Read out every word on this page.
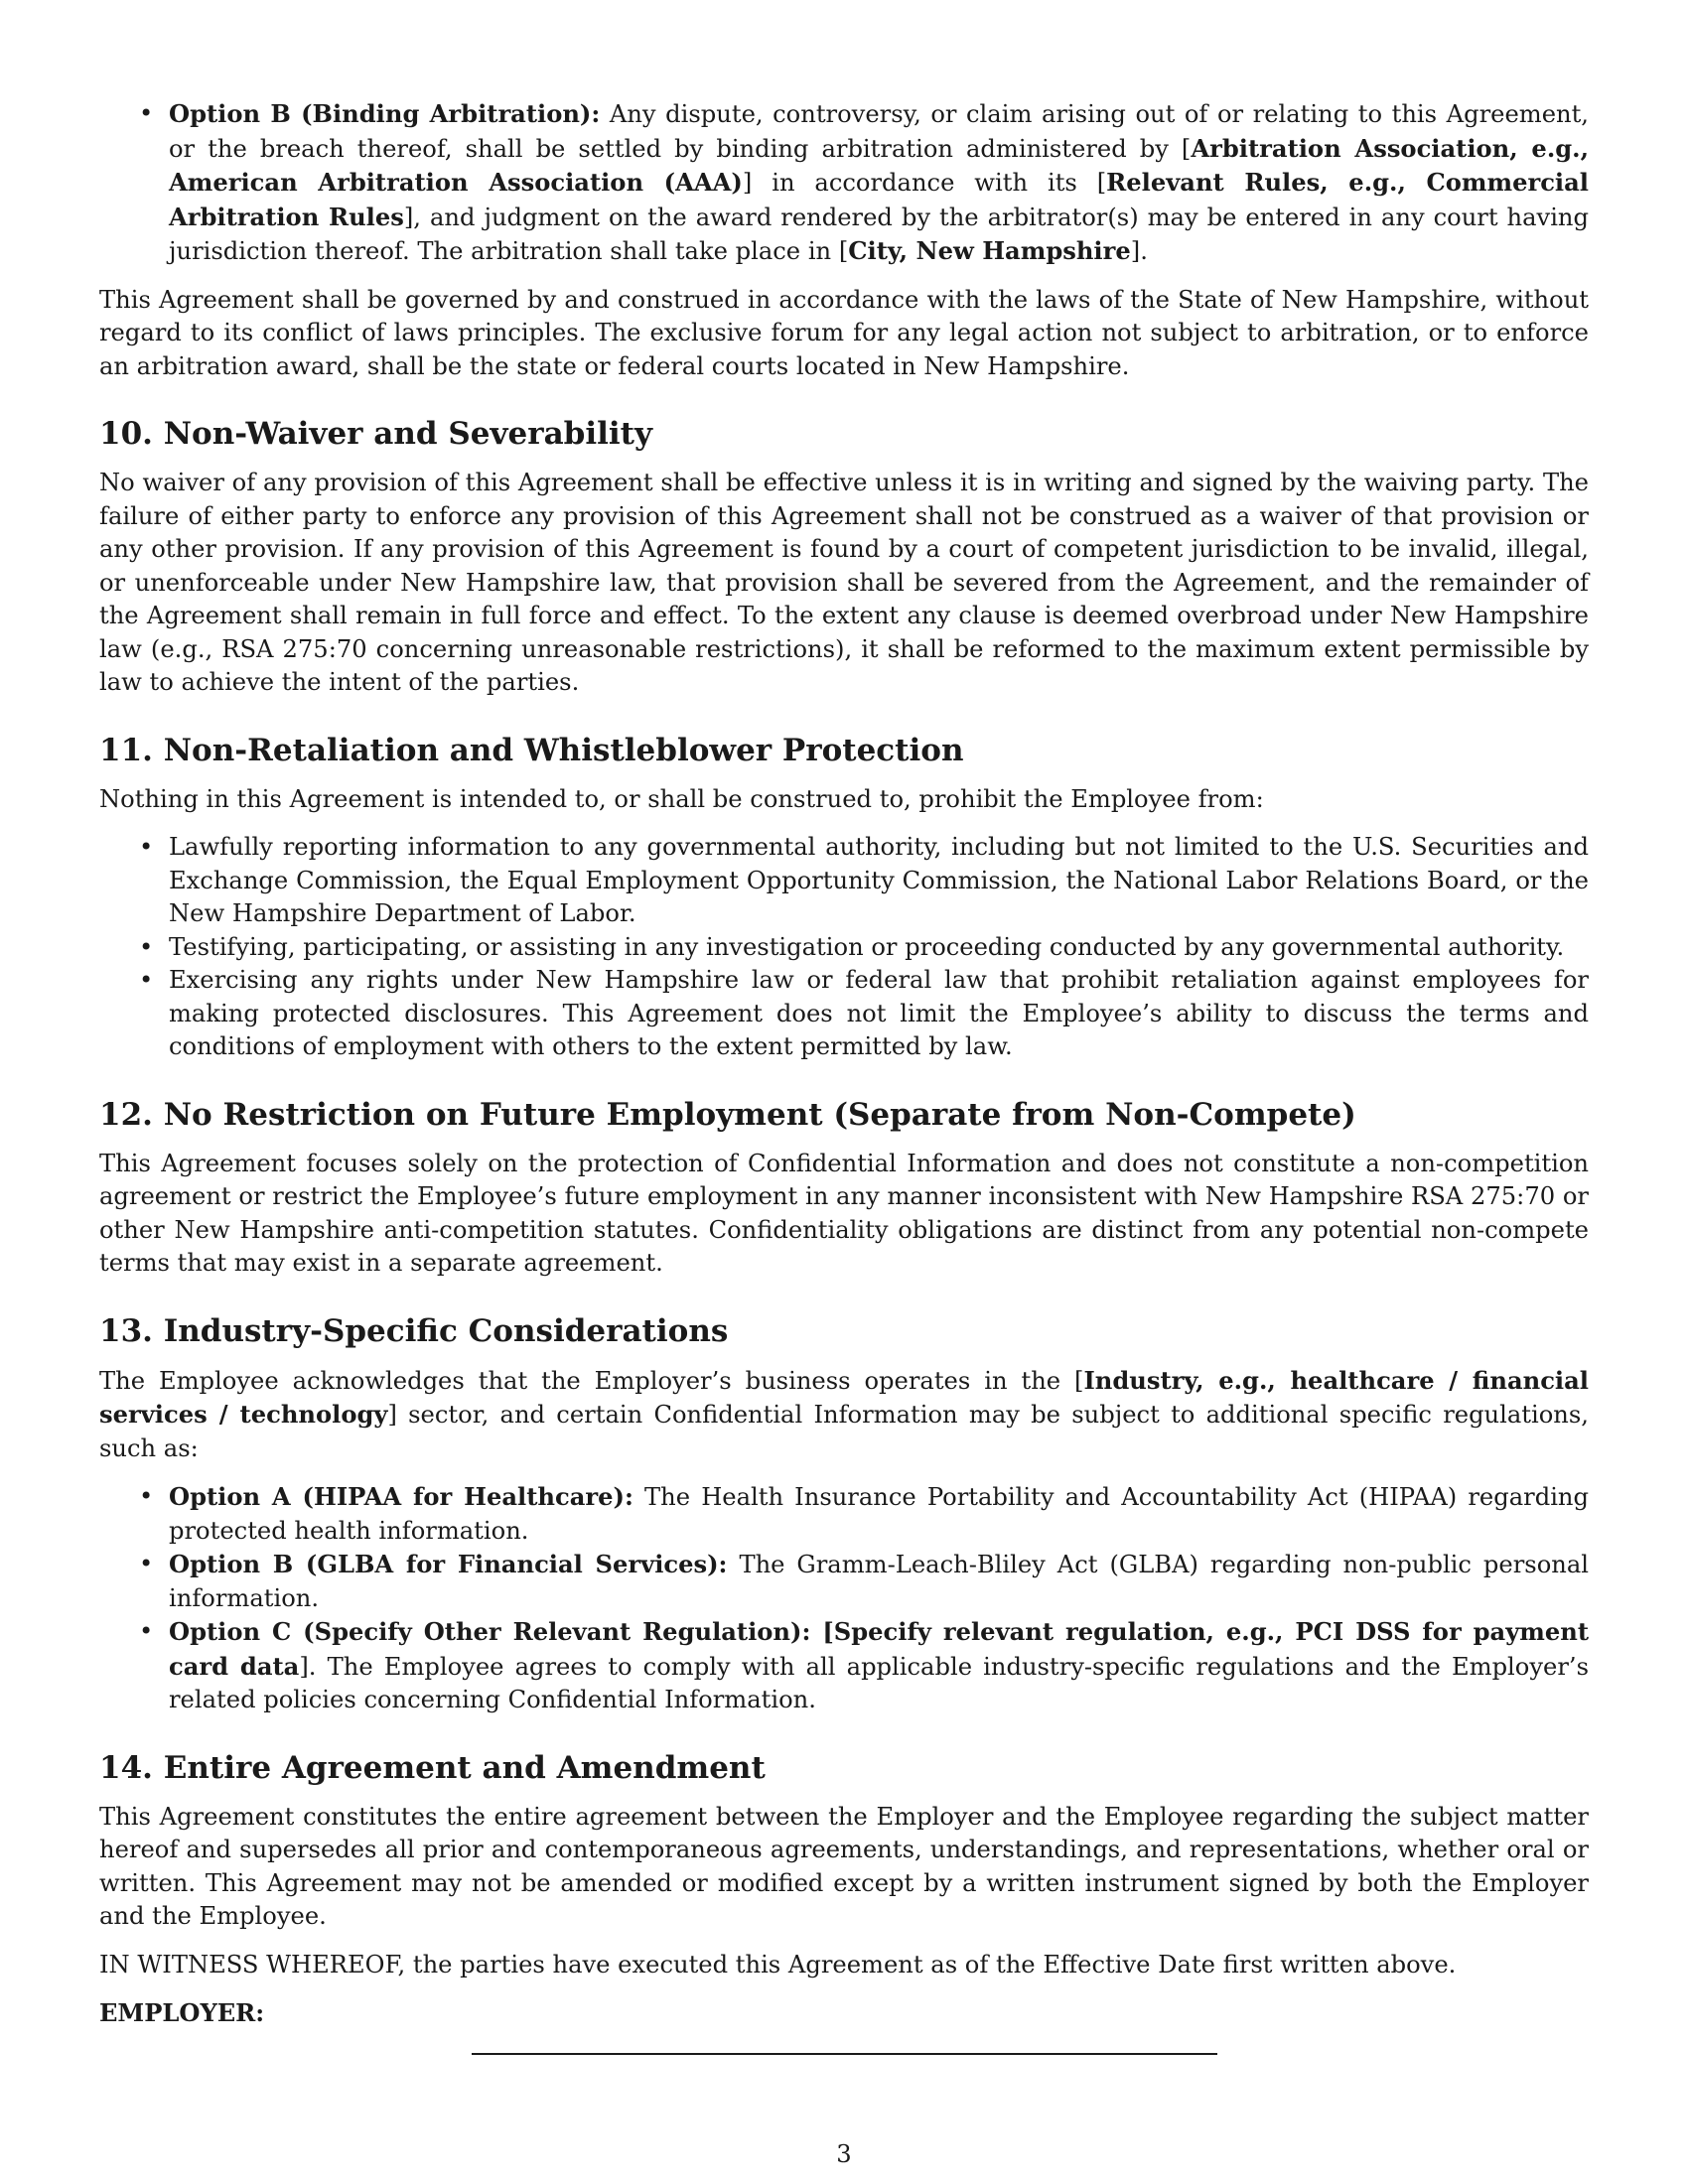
• Option B (Binding Arbitration): Any dispute, controversy, or claim arising out of or relating to this Agreement, or the breach thereof, shall be settled by binding arbitration administered by [Arbitration Association, e.g., American Arbitration Association (AAA)] in accordance with its [Relevant Rules, e.g., Commercial Arbitration Rules], and judgment on the award rendered by the arbitrator(s) may be entered in any court having jurisdiction thereof. The arbitration shall take place in [City, New Hampshire].

This Agreement shall be governed by and construed in accordance with the laws of the State of New Hampshire, without regard to its conflict of laws principles. The exclusive forum for any legal action not subject to arbitration, or to enforce an arbitration award, shall be the state or federal courts located in New Hampshire.

10. Non-Waiver and Severability

No waiver of any provision of this Agreement shall be effective unless it is in writing and signed by the waiving party. The failure of either party to enforce any provision of this Agreement shall not be construed as a waiver of that provision or any other provision. If any provision of this Agreement is found by a court of competent jurisdiction to be invalid, illegal, or unenforceable under New Hampshire law, that provision shall be severed from the Agreement, and the remainder of the Agreement shall remain in full force and effect. To the extent any clause is deemed overbroad under New Hampshire law (e.g., RSA 275:70 concerning unreasonable restrictions), it shall be reformed to the maximum extent permissible by law to achieve the intent of the parties.

11. Non-Retaliation and Whistleblower Protection

Nothing in this Agreement is intended to, or shall be construed to, prohibit the Employee from:

• Lawfully reporting information to any governmental authority, including but not limited to the U.S. Securities and Exchange Commission, the Equal Employment Opportunity Commission, the National Labor Relations Board, or the New Hampshire Department of Labor.
• Testifying, participating, or assisting in any investigation or proceeding conducted by any governmental authority.
• Exercising any rights under New Hampshire law or federal law that prohibit retaliation against employees for making protected disclosures. This Agreement does not limit the Employee’s ability to discuss the terms and conditions of employment with others to the extent permitted by law.
12. No Restriction on Future Employment (Separate from Non-Compete)

This Agreement focuses solely on the protection of Confidential Information and does not constitute a non-competition agreement or restrict the Employee’s future employment in any manner inconsistent with New Hampshire RSA 275:70 or other New Hampshire anti-competition statutes. Confidentiality obligations are distinct from any potential non-compete terms that may exist in a separate agreement.

13. Industry-Specific Considerations

The Employee acknowledges that the Employer’s business operates in the [Industry, e.g., healthcare / financial services / technology] sector, and certain Confidential Information may be subject to additional specific regulations, such as:

• Option A (HIPAA for Healthcare): The Health Insurance Portability and Accountability Act (HIPAA) regarding protected health information.
• Option B (GLBA for Financial Services): The Gramm-Leach-Bliley Act (GLBA) regarding non-public personal information.
• Option C (Specify Other Relevant Regulation): [Specify relevant regulation, e.g., PCI DSS for payment card data]. The Employee agrees to comply with all applicable industry-specific regulations and the Employer’s related policies concerning Confidential Information.
14. Entire Agreement and Amendment

This Agreement constitutes the entire agreement between the Employer and the Employee regarding the subject matter hereof and supersedes all prior and contemporaneous agreements, understandings, and representations, whether oral or written. This Agreement may not be amended or modified except by a written instrument signed by both the Employer and the Employee.

IN WITNESS WHEREOF, the parties have executed this Agreement as of the Effective Date first written above.

EMPLOYER:

3
